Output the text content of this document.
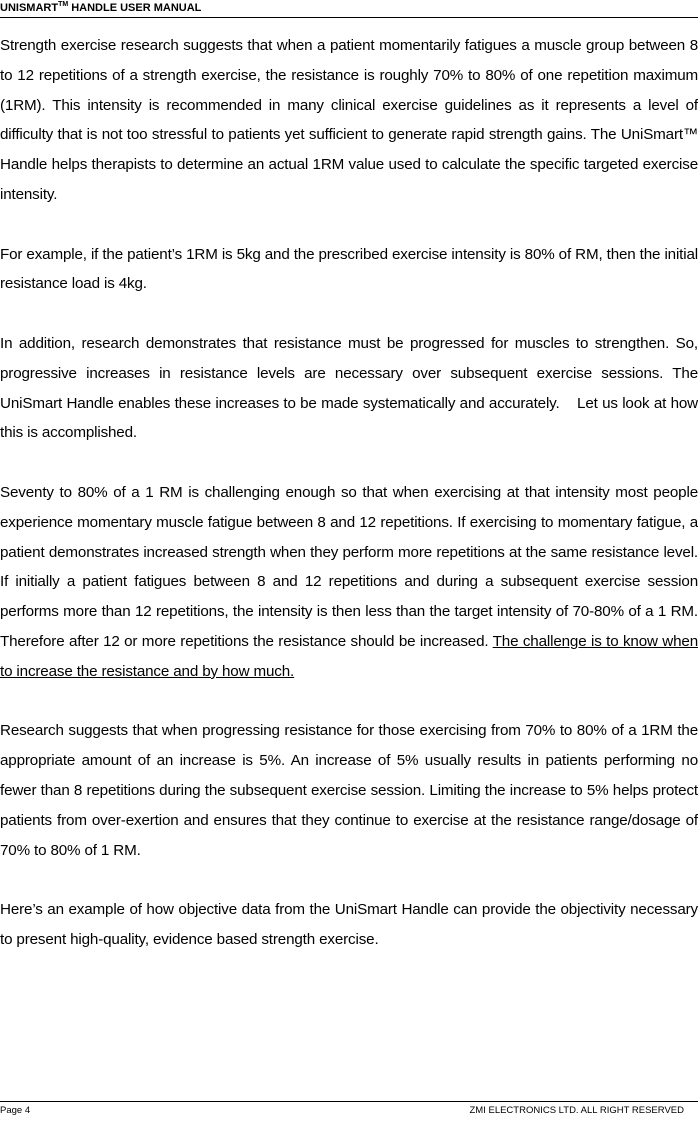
UNISMART™ HANDLE USER MANUAL

Strength exercise research suggests that when a patient momentarily fatigues a muscle group between 8 to 12 repetitions of a strength exercise, the resistance is roughly 70% to 80% of one repetition maximum (1RM). This intensity is recommended in many clinical exercise guidelines as it represents a level of difficulty that is not too stressful to patients yet sufficient to generate rapid strength gains. The UniSmart™ Handle helps therapists to determine an actual 1RM value used to calculate the specific targeted exercise intensity.

For example, if the patient’s 1RM is 5kg and the prescribed exercise intensity is 80% of RM, then the initial resistance load is 4kg.

In addition, research demonstrates that resistance must be progressed for muscles to strengthen. So, progressive increases in resistance levels are necessary over subsequent exercise sessions. The UniSmart Handle enables these increases to be made systematically and accurately.    Let us look at how this is accomplished.

Seventy to 80% of a 1 RM is challenging enough so that when exercising at that intensity most people experience momentary muscle fatigue between 8 and 12 repetitions. If exercising to momentary fatigue, a patient demonstrates increased strength when they perform more repetitions at the same resistance level. If initially a patient fatigues between 8 and 12 repetitions and during a subsequent exercise session performs more than 12 repetitions, the intensity is then less than the target intensity of 70-80% of a 1 RM. Therefore after 12 or more repetitions the resistance should be increased. The challenge is to know when to increase the resistance and by how much.

Research suggests that when progressing resistance for those exercising from 70% to 80% of a 1RM the appropriate amount of an increase is 5%. An increase of 5% usually results in patients performing no fewer than 8 repetitions during the subsequent exercise session. Limiting the increase to 5% helps protect patients from over-exertion and ensures that they continue to exercise at the resistance range/dosage of 70% to 80% of 1 RM.

Here’s an example of how objective data from the UniSmart Handle can provide the objectivity necessary to present high-quality, evidence based strength exercise.

Page 4	ZMI ELECTRONICS LTD. ALL RIGHT RESERVED
